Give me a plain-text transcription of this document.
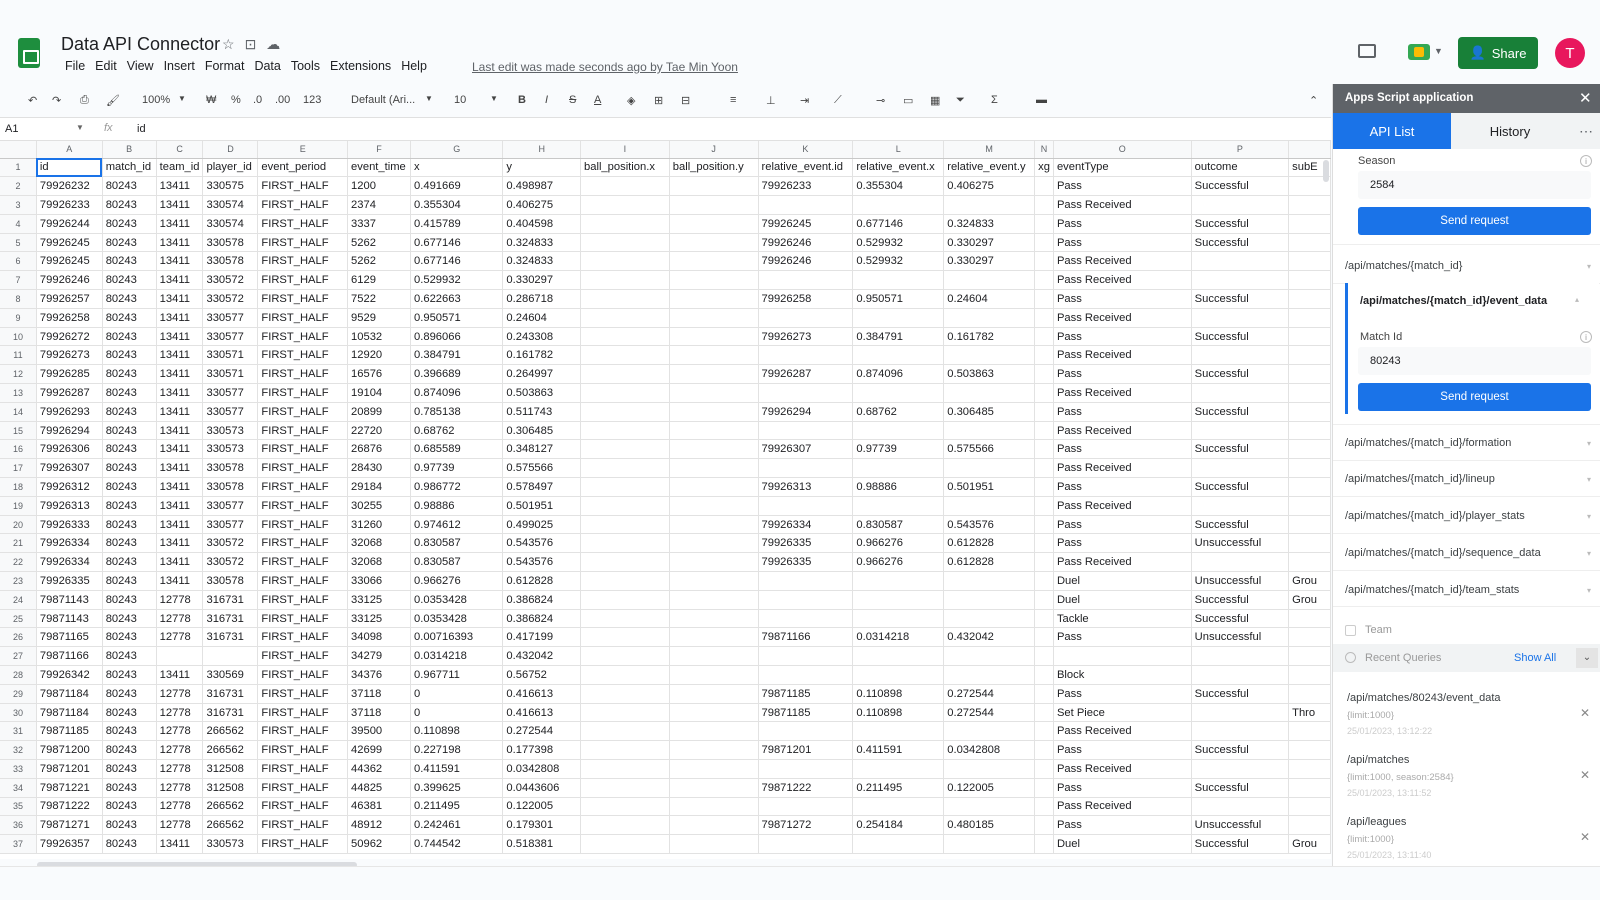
Data API Connector ☆⊡☁
File Edit View Insert Format Data Tools Extensions Help	Last edit was made seconds ago by Tae Min Yoon
▼ 👤 Share	T
↶ ↷ ⎙ 🖌 100% ▼ ₩ % .0 .00 123	Default (Ari... ▼ 10	▼ B I S A ◈ ⊞ ⊟	≡	⊥ ⇥ ⟋	⊸ ▭ ▦ ⏷ Σ	▬	⌃
A1	▼ fx id
	A	B	C	D	E	F	G	H	I	J	K	L	M	N	O	P	
1	id	match_id	team_id	player_id	event_period	event_time	x	y	ball_position.x	ball_position.y	relative_event.id	relative_event.x	relative_event.y	xg	eventType	outcome	subE
2	79926232	80243	13411	330575	FIRST_HALF	1200	0.491669	0.498987			79926233	0.355304	0.406275		Pass	Successful	
3	79926233	80243	13411	330574	FIRST_HALF	2374	0.355304	0.406275							Pass Received		
4	79926244	80243	13411	330574	FIRST_HALF	3337	0.415789	0.404598			79926245	0.677146	0.324833		Pass	Successful	
5	79926245	80243	13411	330578	FIRST_HALF	5262	0.677146	0.324833			79926246	0.529932	0.330297		Pass	Successful	
6	79926245	80243	13411	330578	FIRST_HALF	5262	0.677146	0.324833			79926246	0.529932	0.330297		Pass Received		
7	79926246	80243	13411	330572	FIRST_HALF	6129	0.529932	0.330297							Pass Received		
8	79926257	80243	13411	330572	FIRST_HALF	7522	0.622663	0.286718			79926258	0.950571	0.24604		Pass	Successful	
9	79926258	80243	13411	330577	FIRST_HALF	9529	0.950571	0.24604							Pass Received		
10	79926272	80243	13411	330577	FIRST_HALF	10532	0.896066	0.243308			79926273	0.384791	0.161782		Pass	Successful	
11	79926273	80243	13411	330571	FIRST_HALF	12920	0.384791	0.161782							Pass Received		
12	79926285	80243	13411	330571	FIRST_HALF	16576	0.396689	0.264997			79926287	0.874096	0.503863		Pass	Successful	
13	79926287	80243	13411	330577	FIRST_HALF	19104	0.874096	0.503863							Pass Received		
14	79926293	80243	13411	330577	FIRST_HALF	20899	0.785138	0.511743			79926294	0.68762	0.306485		Pass	Successful	
15	79926294	80243	13411	330573	FIRST_HALF	22720	0.68762	0.306485							Pass Received		
16	79926306	80243	13411	330573	FIRST_HALF	26876	0.685589	0.348127			79926307	0.97739	0.575566		Pass	Successful	
17	79926307	80243	13411	330578	FIRST_HALF	28430	0.97739	0.575566							Pass Received		
18	79926312	80243	13411	330578	FIRST_HALF	29184	0.986772	0.578497			79926313	0.98886	0.501951		Pass	Successful	
19	79926313	80243	13411	330577	FIRST_HALF	30255	0.98886	0.501951							Pass Received		
20	79926333	80243	13411	330577	FIRST_HALF	31260	0.974612	0.499025			79926334	0.830587	0.543576		Pass	Successful	
21	79926334	80243	13411	330572	FIRST_HALF	32068	0.830587	0.543576			79926335	0.966276	0.612828		Pass	Unsuccessful	
22	79926334	80243	13411	330572	FIRST_HALF	32068	0.830587	0.543576			79926335	0.966276	0.612828		Pass Received		
23	79926335	80243	13411	330578	FIRST_HALF	33066	0.966276	0.612828							Duel	Unsuccessful	Grou
24	79871143	80243	12778	316731	FIRST_HALF	33125	0.0353428	0.386824							Duel	Successful	Grou
25	79871143	80243	12778	316731	FIRST_HALF	33125	0.0353428	0.386824							Tackle	Successful	
26	79871165	80243	12778	316731	FIRST_HALF	34098	0.00716393	0.417199			79871166	0.0314218	0.432042		Pass	Unsuccessful	
27	79871166	80243			FIRST_HALF	34279	0.0314218	0.432042									
28	79926342	80243	13411	330569	FIRST_HALF	34376	0.967711	0.56752							Block		
29	79871184	80243	12778	316731	FIRST_HALF	37118	0	0.416613			79871185	0.110898	0.272544		Pass	Successful	
30	79871184	80243	12778	316731	FIRST_HALF	37118	0	0.416613			79871185	0.110898	0.272544		Set Piece		Thro
31	79871185	80243	12778	266562	FIRST_HALF	39500	0.110898	0.272544							Pass Received		
32	79871200	80243	12778	266562	FIRST_HALF	42699	0.227198	0.177398			79871201	0.411591	0.0342808		Pass	Successful	
33	79871201	80243	12778	312508	FIRST_HALF	44362	0.411591	0.0342808							Pass Received		
34	79871221	80243	12778	312508	FIRST_HALF	44825	0.399625	0.0443606			79871222	0.211495	0.122005		Pass	Successful	
35	79871222	80243	12778	266562	FIRST_HALF	46381	0.211495	0.122005							Pass Received		
36	79871271	80243	12778	266562	FIRST_HALF	48912	0.242461	0.179301			79871272	0.254184	0.480185		Pass	Unsuccessful	
37	79926357	80243	13411	330573	FIRST_HALF	50962	0.744542	0.518381							Duel	Successful	Grou
Apps Script application	✕
API List	History	⋯
Season	i
2584
Send request
/api/matches/{match_id}	▾
/api/matches/{match_id}/event_data	▴
Match Id	i
80243
Send request
/api/matches/{match_id}/formation	▾
/api/matches/{match_id}/lineup	▾
/api/matches/{match_id}/player_stats	▾
/api/matches/{match_id}/sequence_data	▾
/api/matches/{match_id}/team_stats	▾
Team
Recent Queries	Show All	⌄
/api/matches/80243/event_data
{limit:1000}
25/01/2023, 13:12:22
✕
/api/matches
{limit:1000, season:2584}
25/01/2023, 13:11:52
✕
/api/leagues
{limit:1000}
25/01/2023, 13:11:40
✕
